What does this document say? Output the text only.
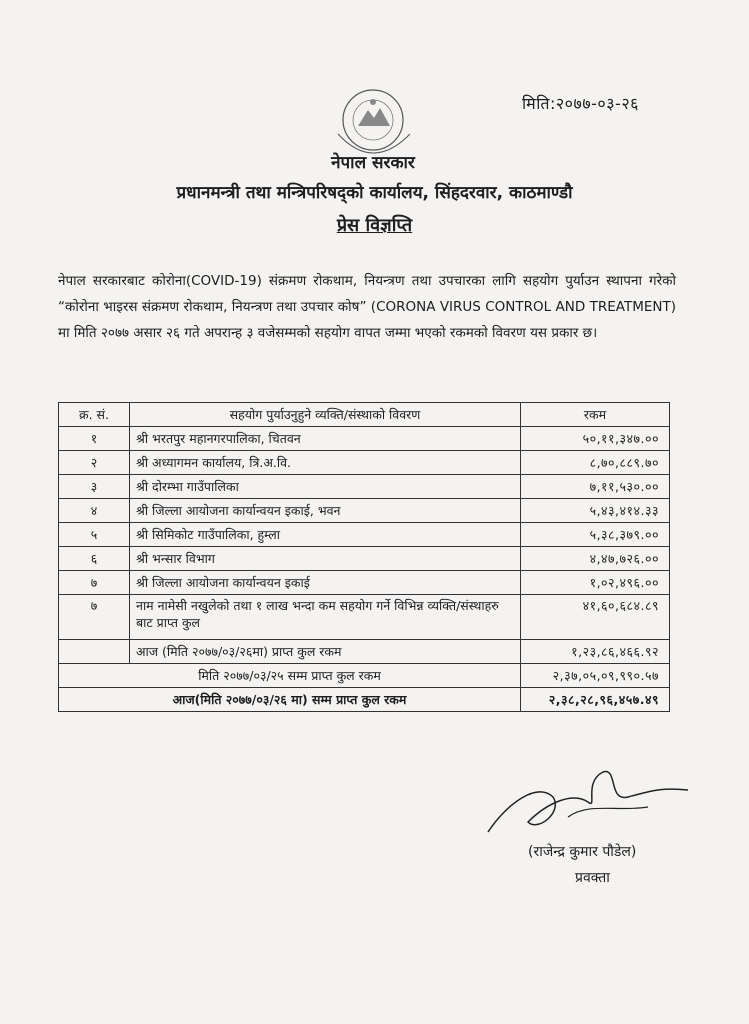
मिति:२०७७-०३-२६
नेपाल सरकार
प्रधानमन्त्री तथा मन्त्रिपरिषद्को कार्यालय, सिंहदरवार, काठमाण्डौ
प्रेस विज्ञप्ति
नेपाल सरकारबाट कोरोना(COVID-19) संक्रमण रोकथाम, नियन्त्रण तथा उपचारका लागि सहयोग पुर्याउन स्थापना गरेको “कोरोना भाइरस संक्रमण रोकथाम, नियन्त्रण तथा उपचार कोष” (CORONA VIRUS CONTROL AND TREATMENT) मा मिति २०७७ असार २६ गते अपरान्ह ३ वजेसम्मको सहयोग वापत जम्मा भएको रकमको विवरण यस प्रकार छ।
क्र. सं.	सहयोग पुर्याउनुहुने व्यक्ति/संस्थाको विवरण	रकम
१	श्री भरतपुर महानगरपालिका, चितवन	५०,११,३४७.००
२	श्री अध्यागमन कार्यालय, त्रि.अ.वि.	८,७०,८८९.७०
३	श्री दोरम्भा गाउँपालिका	७,११,५३०.००
४	श्री जिल्ला आयोजना कार्यान्वयन इकाई, भवन	५,४३,४१४.३३
५	श्री सिमिकोट गाउँपालिका, हुम्ला	५,३८,३७९.००
६	श्री भन्सार विभाग	४,४७,७२६.००
७	श्री जिल्ला आयोजना कार्यान्वयन इकाई	१,०२,४९६.००
७	नाम नामेसी नखुलेको तथा १ लाख भन्दा कम सहयोग गर्ने विभिन्न व्यक्ति/संस्थाहरु बाट प्राप्त कुल	४१,६०,६८४.८९
	आज (मिति २०७७/०३/२६मा) प्राप्त कुल रकम	१,२३,८६,४६६.९२
मिति २०७७/०३/२५ सम्म प्राप्त कुल रकम		२,३७,०५,०९,९९०.५७
आज(मिति २०७७/०३/२६ मा) सम्म प्राप्त कुल रकम		२,३८,२८,९६,४५७.४९
(राजेन्द्र कुमार पौडेल)
प्रवक्ता
